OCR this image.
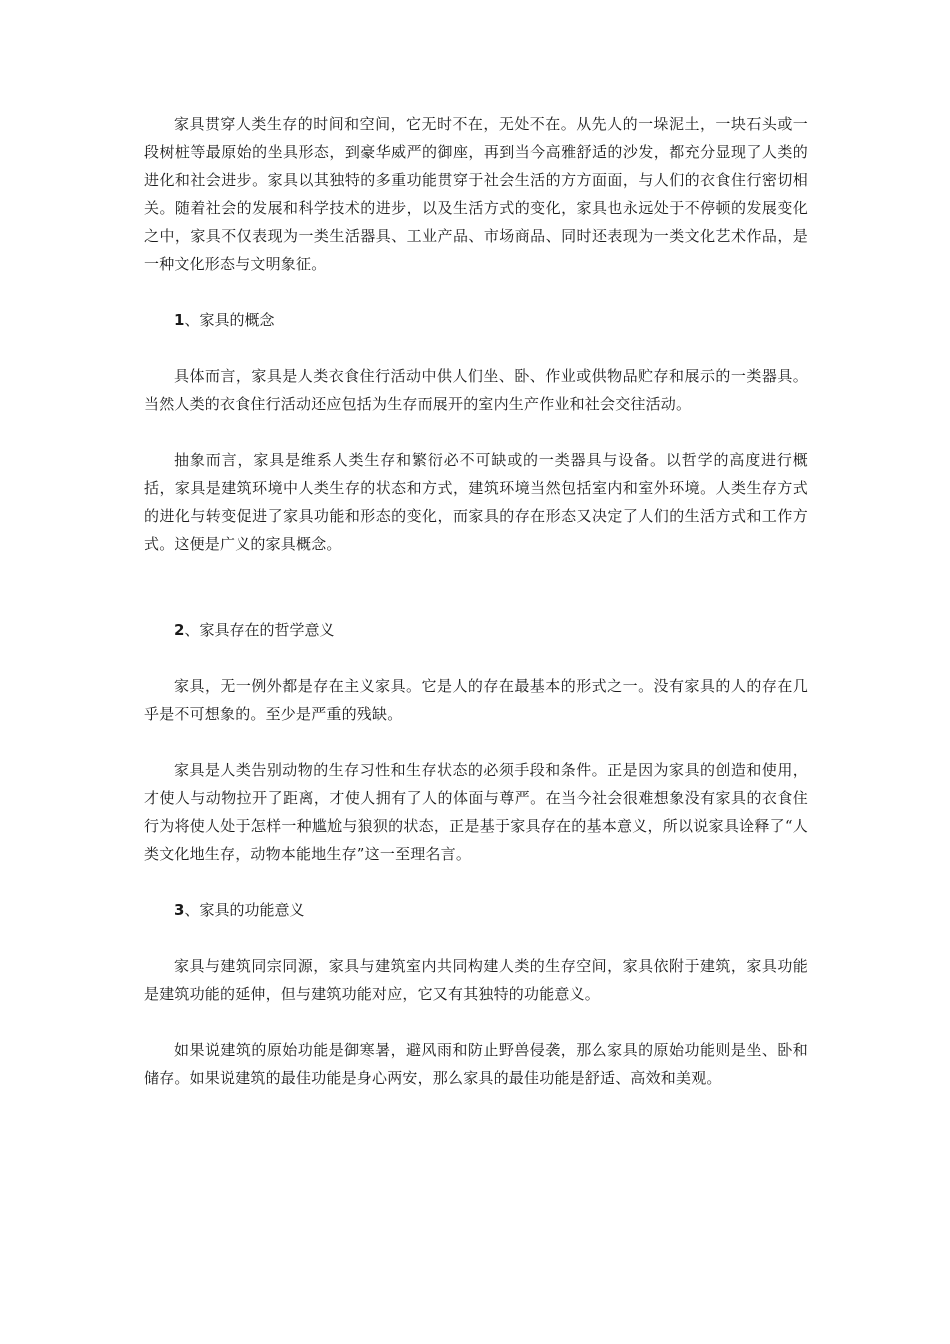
家具贯穿人类生存的时间和空间，它无时不在，无处不在。从先人的一垛泥土，一块石头或一段树桩等最原始的坐具形态，到豪华威严的御座，再到当今高雅舒适的沙发，都充分显现了人类的进化和社会进步。家具以其独特的多重功能贯穿于社会生活的方方面面，与人们的衣食住行密切相关。随着社会的发展和科学技术的进步，以及生活方式的变化，家具也永远处于不停顿的发展变化之中，家具不仅表现为一类生活器具、工业产品、市场商品、同时还表现为一类文化艺术作品，是一种文化形态与文明象征。

1、家具的概念

具体而言，家具是人类衣食住行活动中供人们坐、卧、作业或供物品贮存和展示的一类器具。当然人类的衣食住行活动还应包括为生存而展开的室内生产作业和社会交往活动。

抽象而言，家具是维系人类生存和繁衍必不可缺或的一类器具与设备。以哲学的高度进行概括，家具是建筑环境中人类生存的状态和方式，建筑环境当然包括室内和室外环境。人类生存方式的进化与转变促进了家具功能和形态的变化，而家具的存在形态又决定了人们的生活方式和工作方式。这便是广义的家具概念。

2、家具存在的哲学意义

家具，无一例外都是存在主义家具。它是人的存在最基本的形式之一。没有家具的人的存在几乎是不可想象的。至少是严重的残缺。

家具是人类告别动物的生存习性和生存状态的必须手段和条件。正是因为家具的创造和使用，才使人与动物拉开了距离，才使人拥有了人的体面与尊严。在当今社会很难想象没有家具的衣食住行为将使人处于怎样一种尴尬与狼狈的状态，正是基于家具存在的基本意义，所以说家具诠释了“人类文化地生存，动物本能地生存”这一至理名言。

3、家具的功能意义

家具与建筑同宗同源，家具与建筑室内共同构建人类的生存空间，家具依附于建筑，家具功能是建筑功能的延伸，但与建筑功能对应，它又有其独特的功能意义。

如果说建筑的原始功能是御寒暑，避风雨和防止野兽侵袭，那么家具的原始功能则是坐、卧和储存。如果说建筑的最佳功能是身心两安，那么家具的最佳功能是舒适、高效和美观。
